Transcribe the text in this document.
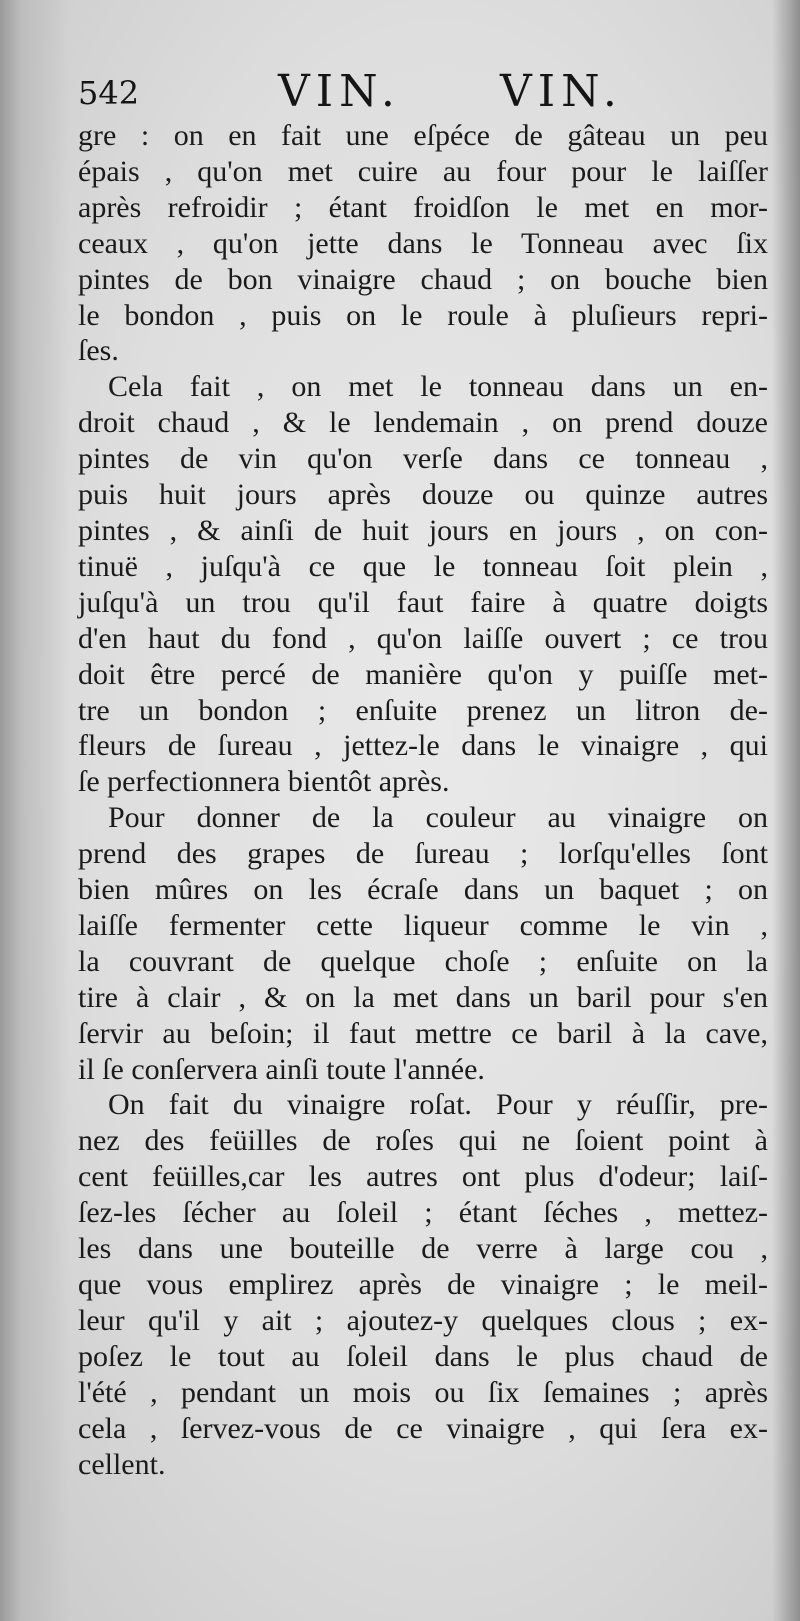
542	VIN. VIN.
gre : on en fait une eſpéce de gâteau un peu
épais , qu'on met cuire au four pour le laiſſer
après refroidir ; étant froidſon le met en mor-
ceaux , qu'on jette dans le Tonneau avec ſix
pintes de bon vinaigre chaud ; on bouche bien
le bondon , puis on le roule à pluſieurs repri-
ſes.
Cela fait , on met le tonneau dans un en-
droit chaud , & le lendemain , on prend douze
pintes de vin qu'on verſe dans ce tonneau ,
puis huit jours après douze ou quinze autres
pintes , & ainſi de huit jours en jours , on con-
tinuë , juſqu'à ce que le tonneau ſoit plein ,
juſqu'à un trou qu'il faut faire à quatre doigts
d'en haut du fond , qu'on laiſſe ouvert ; ce trou
doit être percé de manière qu'on y puiſſe met-
tre un bondon ; enſuite prenez un litron de-
fleurs de ſureau , jettez-le dans le vinaigre , qui
ſe perfectionnera bientôt après.
Pour donner de la couleur au vinaigre on
prend des grapes de ſureau ; lorſqu'elles ſont
bien mûres on les écraſe dans un baquet ; on
laiſſe fermenter cette liqueur comme le vin ,
la couvrant de quelque choſe ; enſuite on la
tire à clair , & on la met dans un baril pour s'en
ſervir au beſoin; il faut mettre ce baril à la cave,
il ſe conſervera ainſi toute l'année.
On fait du vinaigre roſat. Pour y réuſſir, pre-
nez des feüilles de roſes qui ne ſoient point à
cent feüilles,car les autres ont plus d'odeur; laiſ-
ſez-les ſécher au ſoleil ; étant ſéches , mettez-
les dans une bouteille de verre à large cou ,
que vous emplirez après de vinaigre ; le meil-
leur qu'il y ait ; ajoutez-y quelques clous ; ex-
poſez le tout au ſoleil dans le plus chaud de
l'été , pendant un mois ou ſix ſemaines ; après
cela , ſervez-vous de ce vinaigre , qui ſera ex-
cellent.
